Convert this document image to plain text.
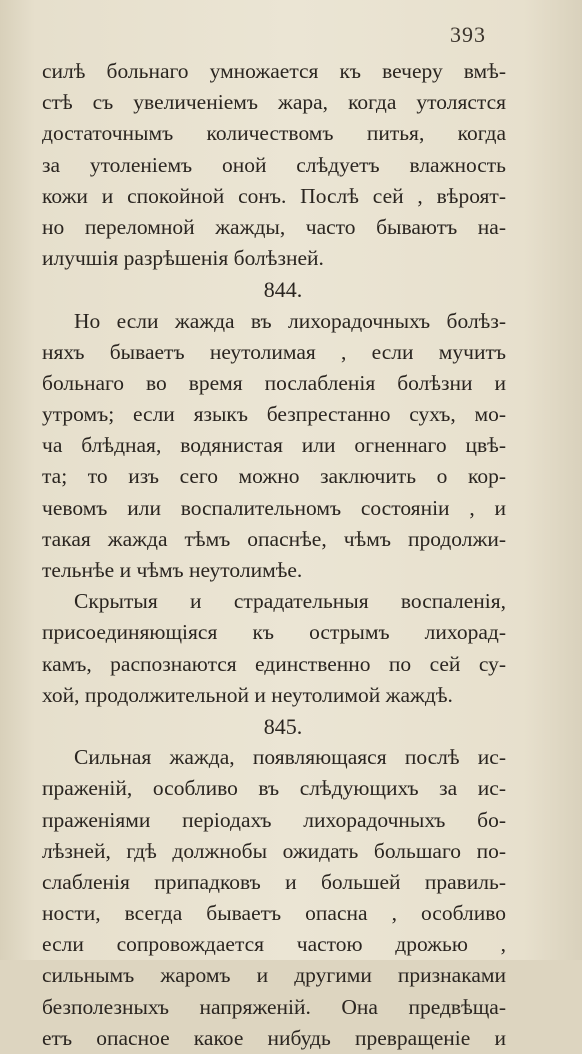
393
силѣ больнаго умножается къ вечеру вмѣ-
стѣ съ увеличеніемъ жара, когда утолястся
достаточнымъ количествомъ питья, когда
за утоленіемъ оной слѣдуетъ влажность
кожи и спокойной сонъ. Послѣ сей , вѣроят-
но переломной жажды, часто бываютъ на-
илучшія разрѣшенія болѣзней.
844.
Но если жажда въ лихорадочныхъ болѣз-
няхъ бываетъ неутолимая , если мучитъ
больнаго во время послабленія болѣзни и
утромъ; если языкъ безпрестанно сухъ, мо-
ча блѣдная, водянистая или огненнаго цвѣ-
та; то изъ сего можно заключить о кор-
чевомъ или воспалительномъ состояніи , и
такая жажда тѣмъ опаснѣе, чѣмъ продолжи-
тельнѣе и чѣмъ неутолимѣе.
Скрытыя и страдательныя воспаленія,
присоединяющіяся къ острымъ лихорад-
камъ, распознаются единственно по сей су-
хой, продолжительной и неутолимой жаждѣ.
845.
Сильная жажда, появляющаяся послѣ ис-
праженій, особливо въ слѣдующихъ за ис-
праженіями періодахъ лихорадочныхъ бо-
лѣзней, гдѣ должнобы ожидать большаго по-
слабленія припадковъ и большей правиль-
ности, всегда бываетъ опасна , особливо
если сопровождается частою дрожью ,
сильнымъ жаромъ и другими признаками
безполезныхъ напряженій. Она предвѣща-
етъ опасное какое нибудь превращеніе и
